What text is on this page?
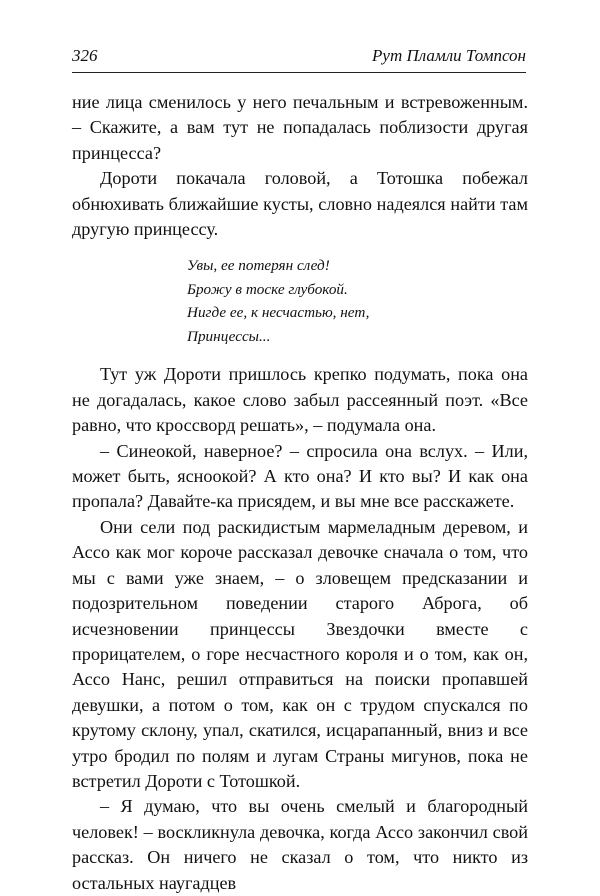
326	Рут Пламли Томпсон

ние лица сменилось у него печальным и встревоженным. – Скажите, а вам тут не попадалась поблизости другая принцесса?

Дороти покачала головой, а Тотошка побежал обнюхивать ближайшие кусты, словно надеялся найти там другую принцессу.

Увы, ее потерян след!
Брожу в тоске глубокой.
Нигде ее, к несчастью, нет,
Принцессы...

Тут уж Дороти пришлось крепко подумать, пока она не догадалась, какое слово забыл рассеянный поэт. «Все равно, что кроссворд решать», – подумала она.

– Синеокой, наверное? – спросила она вслух. – Или, может быть, ясноокой? А кто она? И кто вы? И как она пропала? Давайте-ка присядем, и вы мне все расскажете.

Они сели под раскидистым мармеладным деревом, и Ассо как мог короче рассказал девочке сначала о том, что мы с вами уже знаем, – о зловещем предсказании и подозрительном поведении старого Аброга, об исчезновении принцессы Звездочки вместе с прорицателем, о горе несчастного короля и о том, как он, Ассо Нанс, решил отправиться на поиски пропавшей девушки, а потом о том, как он с трудом спускался по крутому склону, упал, скатился, исцарапанный, вниз и все утро бродил по полям и лугам Страны мигунов, пока не встретил Дороти с Тотошкой.

– Я думаю, что вы очень смелый и благородный человек! – воскликнула девочка, когда Ассо закончил свой рассказ. Он ничего не сказал о том, что никто из остальных наугадцев
